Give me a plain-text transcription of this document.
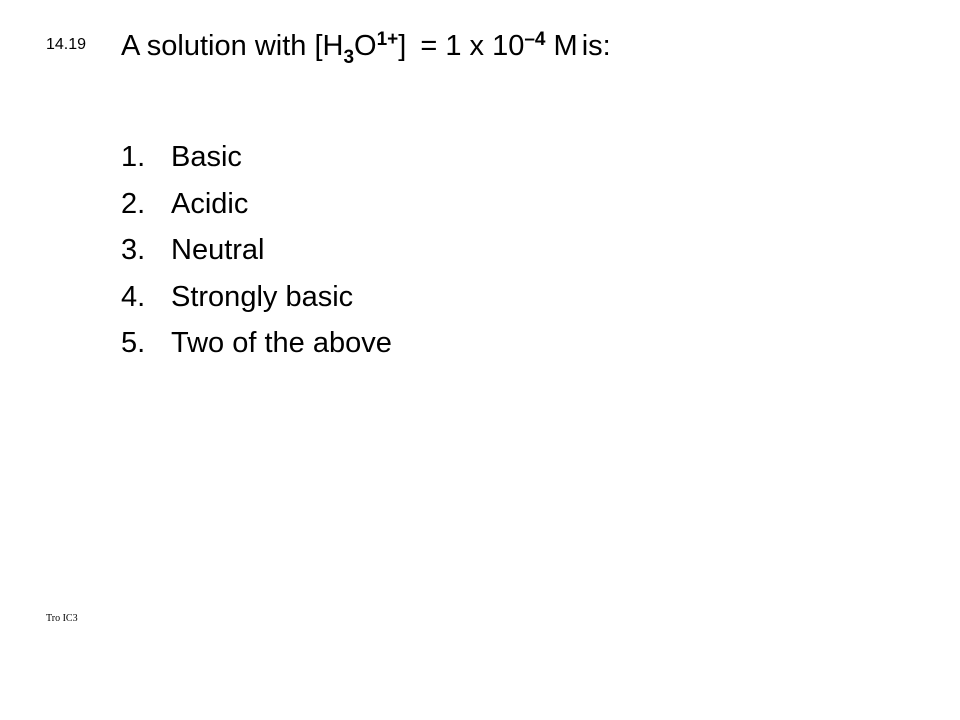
14.19 A solution with $[H_3O^{1+}] = 1$ x $10^{-4}$ M is:
1. Basic
2. Acidic
3. Neutral
4. Strongly basic
5. Two of the above
Tro IC3
